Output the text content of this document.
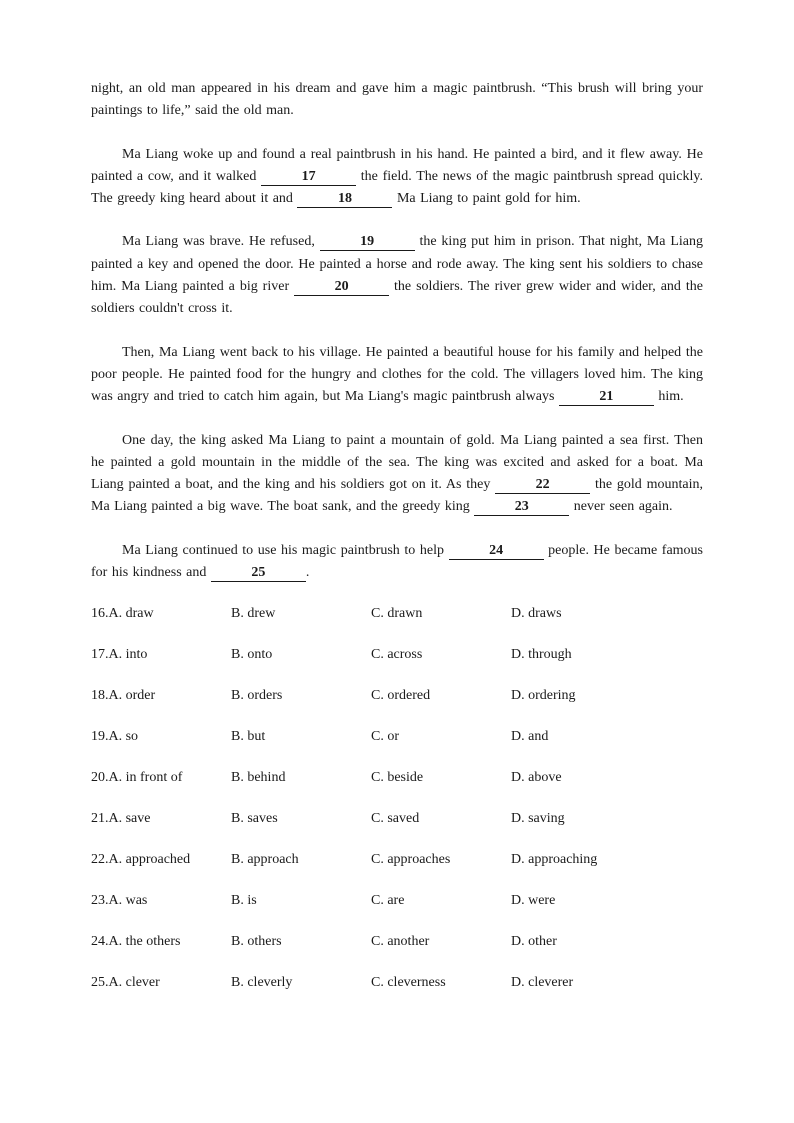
night, an old man appeared in his dream and gave him a magic paintbrush. “This brush will bring your paintings to life,” said the old man.

Ma Liang woke up and found a real paintbrush in his hand. He painted a bird, and it flew away. He painted a cow, and it walked	17	the field. The news of the magic paintbrush spread quickly. The greedy king heard about it and	18	Ma Liang to paint gold for him.

Ma Liang was brave. He refused,	19	the king put him in prison. That night, Ma Liang painted a key and opened the door. He painted a horse and rode away. The king sent his soldiers to chase him. Ma Liang painted a big river	20	the soldiers. The river grew wider and wider, and the soldiers couldn't cross it.

Then, Ma Liang went back to his village. He painted a beautiful house for his family and helped the poor people. He painted food for the hungry and clothes for the cold. The villagers loved him. The king was angry and tried to catch him again, but Ma Liang's magic paintbrush always	21	him.

One day, the king asked Ma Liang to paint a mountain of gold. Ma Liang painted a sea first. Then he painted a gold mountain in the middle of the sea. The king was excited and asked for a boat. Ma Liang painted a boat, and the king and his soldiers got on it. As they	22	the gold mountain, Ma Liang painted a big wave. The boat sank, and the greedy king	23	never seen again.

Ma Liang continued to use his magic paintbrush to help	24	people. He became famous for his kindness and	25	.

16.A. draw	B. drew	C. drawn	D. draws
17.A. into	B. onto	C. across	D. through
18.A. order	B. orders	C. ordered	D. ordering
19.A. so	B. but	C. or	D. and
20.A. in front of	B. behind	C. beside	D. above
21.A. save	B. saves	C. saved	D. saving
22.A. approached	B. approach	C. approaches	D. approaching
23.A. was	B. is	C. are	D. were
24.A. the others	B. others	C. another	D. other
25.A. clever	B. cleverly	C. cleverness	D. cleverer
